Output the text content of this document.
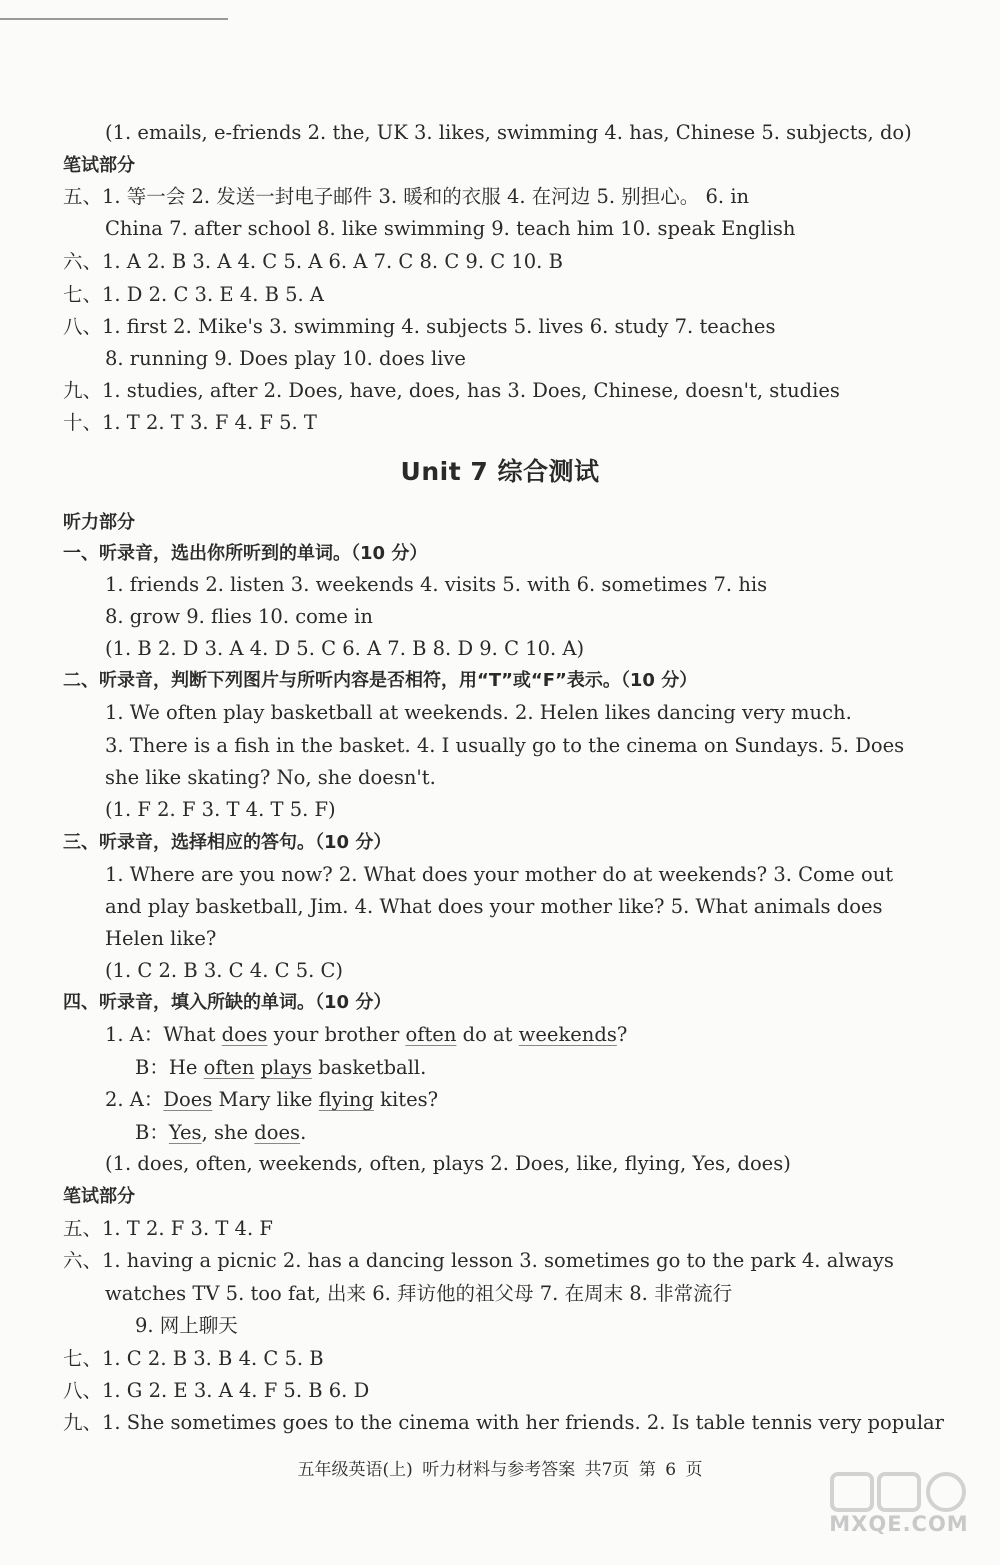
(1. emails, e-friends 2. the, UK 3. likes, swimming 4. has, Chinese 5. subjects, do)
笔试部分
五、1. 等一会 2. 发送一封电子邮件 3. 暖和的衣服 4. 在河边 5. 别担心。 6. in
China 7. after school 8. like swimming 9. teach him 10. speak English
六、1. A 2. B 3. A 4. C 5. A 6. A 7. C 8. C 9. C 10. B
七、1. D 2. C 3. E 4. B 5. A
八、1. first 2. Mike's 3. swimming 4. subjects 5. lives 6. study 7. teaches
8. running 9. Does play 10. does live
九、1. studies, after 2. Does, have, does, has 3. Does, Chinese, doesn't, studies
十、1. T 2. T 3. F 4. F 5. T
听力部分
一、听录音，选出你所听到的单词。（10 分）
1. friends 2. listen 3. weekends 4. visits 5. with 6. sometimes 7. his
8. grow 9. flies 10. come in
(1. B 2. D 3. A 4. D 5. C 6. A 7. B 8. D 9. C 10. A)
二、听录音，判断下列图片与所听内容是否相符，用“T”或“F”表示。（10 分）
1. We often play basketball at weekends. 2. Helen likes dancing very much.
3. There is a fish in the basket. 4. I usually go to the cinema on Sundays. 5. Does
she like skating? No, she doesn't.
(1. F 2. F 3. T 4. T 5. F)
三、听录音，选择相应的答句。（10 分）
1. Where are you now? 2. What does your mother do at weekends? 3. Come out
and play basketball, Jim. 4. What does your mother like? 5. What animals does
Helen like?
(1. C 2. B 3. C 4. C 5. C)
四、听录音，填入所缺的单词。（10 分）
(1. does, often, weekends, often, plays 2. Does, like, flying, Yes, does)
笔试部分
五、1. T 2. F 3. T 4. F
六、1. having a picnic 2. has a dancing lesson 3. sometimes go to the park 4. always
watches TV 5. too fat, 出来 6. 拜访他的祖父母 7. 在周末 8. 非常流行
9. 网上聊天
七、1. C 2. B 3. B 4. C 5. B
八、1. G 2. E 3. A 4. F 5. B 6. D
九、1. She sometimes goes to the cinema with her friends. 2. Is table tennis very popular
Unit 7 综合测试
1. A：What does your brother often do at weekends?
B：He often plays basketball.
2. A：Does Mary like flying kites?
B：Yes, she does.
五年级英语(上) 听力材料与参考答案 共7页 第 6 页
MXQE.COM
